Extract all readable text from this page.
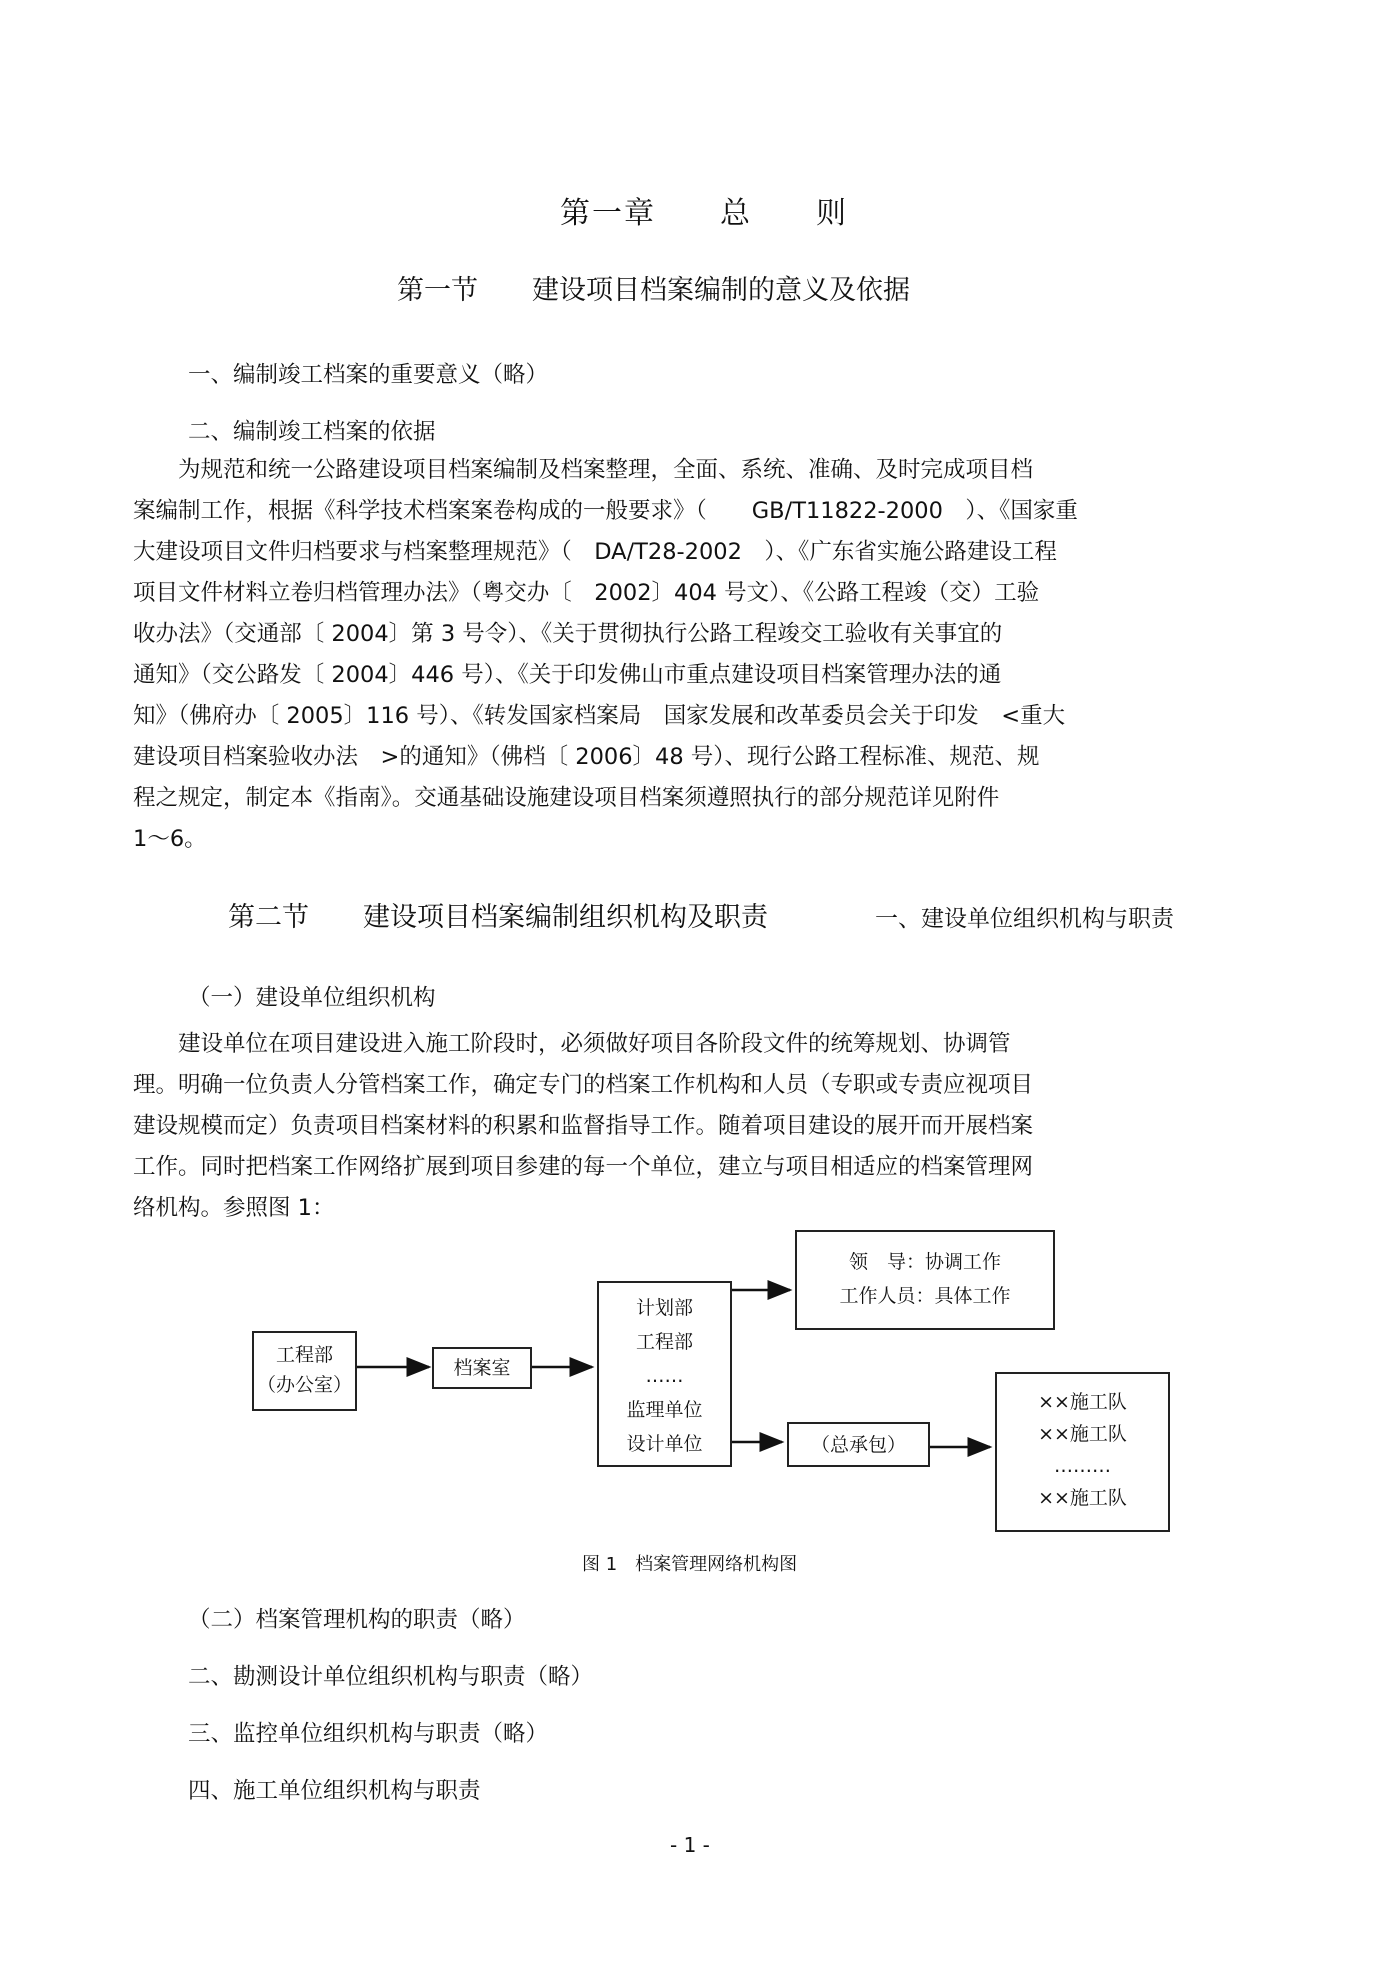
第一章　　总　　则
第一节　　建设项目档案编制的意义及依据
一、编制竣工档案的重要意义（略）
二、编制竣工档案的依据
　　为规范和统一公路建设项目档案编制及档案整理，全面、系统、准确、及时完成项目档
案编制工作，根据《科学技术档案案卷构成的一般要求》（　　GB/T11822-2000　）、《国家重
大建设项目文件归档要求与档案整理规范》（　DA/T28-2002　）、《广东省实施公路建设工程
项目文件材料立卷归档管理办法》（粤交办〔　2002〕404 号文）、《公路工程竣（交）工验
收办法》（交通部〔 2004〕第 3 号令）、《关于贯彻执行公路工程竣交工验收有关事宜的
通知》（交公路发〔 2004〕446 号）、《关于印发佛山市重点建设项目档案管理办法的通
知》（佛府办〔 2005〕116 号）、《转发国家档案局　国家发展和改革委员会关于印发　<重大
建设项目档案验收办法　>的通知》（佛档〔 2006〕48 号）、现行公路工程标准、规范、规
程之规定，制定本《指南》。交通基础设施建设项目档案须遵照执行的部分规范详见附件
1～6。
第二节　　建设项目档案编制组织机构及职责	一、建设单位组织机构与职责
（一）建设单位组织机构
　　建设单位在项目建设进入施工阶段时，必须做好项目各阶段文件的统筹规划、协调管
理。明确一位负责人分管档案工作，确定专门的档案工作机构和人员（专职或专责应视项目
建设规模而定）负责项目档案材料的积累和监督指导工作。随着项目建设的展开而开展档案
工作。同时把档案工作网络扩展到项目参建的每一个单位，建立与项目相适应的档案管理网
络机构。参照图 1：
工程部
（办公室）
档案室
计划部
工程部
……
监理单位
设计单位
领　导：协调工作
工作人员：具体工作
（总承包）
××施工队
××施工队
………
××施工队
图 1　档案管理网络机构图
（二）档案管理机构的职责（略）
二、勘测设计单位组织机构与职责（略）
三、监控单位组织机构与职责（略）
四、施工单位组织机构与职责
- 1 -
